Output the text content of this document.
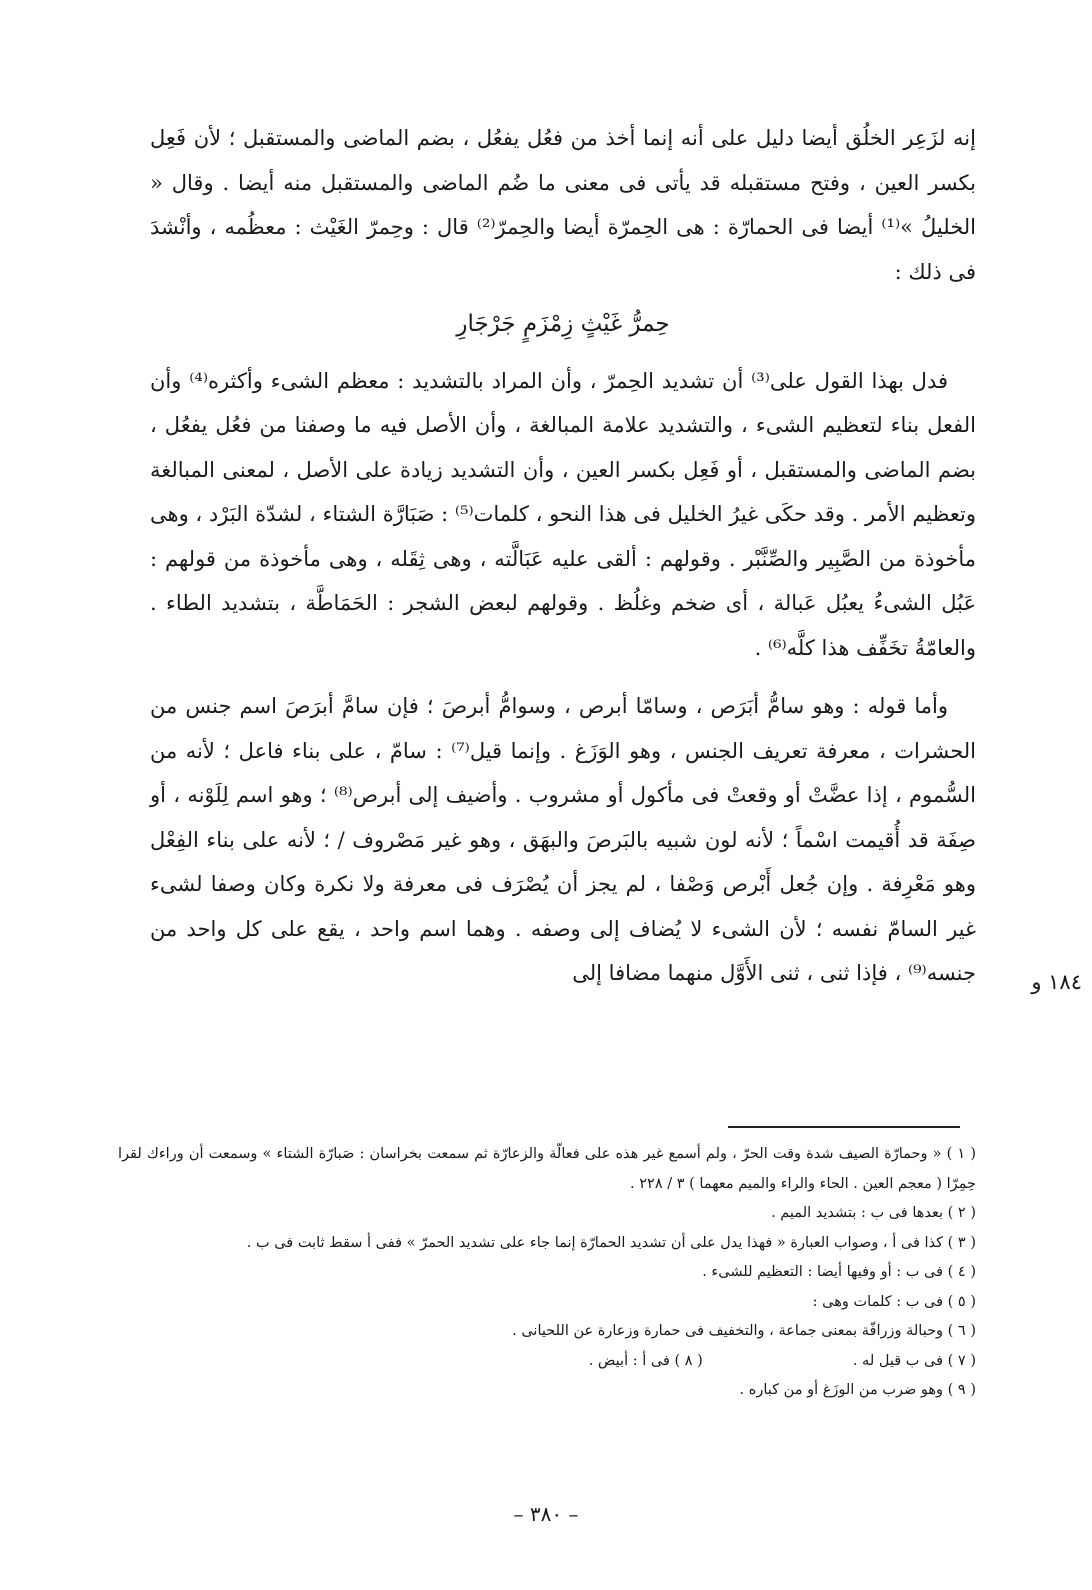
إنه لزَعِر الخلُق أيضا دليل على أنه إنما أخذ من فعُل يفعُل ، بضم الماضى والمستقبل ؛ لأن فَعِل بكسر العين ، وفتح مستقبله قد يأتى فى معنى ما ضُم الماضى والمستقبل منه أيضا . وقال « الخليلُ »⁽¹⁾ أيضا فى الحمارّة : هى الحِمرّة أيضا والحِمرّ⁽²⁾ قال : وحِمرّ الغَيْث : معظُمه ، وأنْشدَ فى ذلك :

حِمرُّ غَيْثٍ زِمْزَمٍ جَرْجَارِ

فدل بهذا القول على⁽³⁾ أن تشديد الحِمرّ ، وأن المراد بالتشديد : معظم الشىء وأكثره⁽⁴⁾ وأن الفعل بناء لتعظيم الشىء ، والتشديد علامة المبالغة ، وأن الأصل فيه ما وصفنا من فعُل يفعُل ، بضم الماضى والمستقبل ، أو فَعِل بكسر العين ، وأن التشديد زيادة على الأصل ، لمعنى المبالغة وتعظيم الأمر . وقد حكَى غيرُ الخليل فى هذا النحو ، كلمات⁽⁵⁾ : صَبَارَّة الشتاء ، لشدّة البَرْد ، وهى مأخوذة من الصَّبِير والصِّنَّبْر . وقولهم : ألقى عليه عَبَالَّته ، وهى ثِقَله ، وهى مأخوذة من قولهم : عَبُل الشىءُ يعبُل عَبالة ، أى ضخم وغلُظ . وقولهم لبعض الشجر : الحَمَاطَّة ، بتشديد الطاء . والعامّةُ تخَفِّف هذا كلَّه⁽⁶⁾ .

وأما قوله : وهو سامُّ أبَرَص ، وسامّا أبرص ، وسوامُّ أبرصَ ؛ فإن سامَّ أبرَصَ اسم جنس من الحشرات ، معرفة تعريف الجنس ، وهو الوَزَغ . وإنما قيل⁽⁷⁾ : سامّ ، على بناء فاعل ؛ لأنه من السُّموم ، إذا عضَّتْ أو وقعتْ فى مأكول أو مشروب . وأضيف إلى أبرص⁽⁸⁾ ؛ وهو اسم لِلَوْنه ، أو صِفَة قد أُقيمت اسْماً ؛ لأنه لون شبيه بالبَرصَ والبهَق ، وهو غير مَصْروف / ؛ لأنه على بناء الفِعْل وهو مَعْرِفة . وإن جُعل أَبْرص وَصْفا ، لم يجز أن يُصْرَف فى معرفة ولا نكرة وكان وصفا لشىء غير السامّ نفسه ؛ لأن الشىء لا يُضاف إلى وصفه . وهما اسم واحد ، يقع على كل واحد من جنسه⁽⁹⁾ ، فإذا ثنى ، ثنى الأَوَّل منهما مضافا إلى	١٨٤ و

( ١ ) « وحمارّة الصيف شدة وقت الحرّ ، ولم أسمع غير هذه على فعالّة والزعارّة ثم سمعت بخراسان : صَبارّة الشتاء » وسمعت أن وراءك لقرا حِمِرّا ( معجم العين . الحاء والراء والميم معهما ) ٣ / ٢٢٨ .

( ٢ ) بعدها فى ب : بتشديد الميم .

( ٣ ) كذا فى أ ، وصواب العبارة « فهذا يدل على أن تشديد الحمارّة إنما جاء على تشديد الحمرّ » ففى أ سقط ثابت فى ب .

( ٤ ) فى ب : أو وفيها أيضا : التعظيم للشىء .

( ٥ ) فى ب : كلمات وهى :

( ٦ ) وحبالة وزرافّة بمعنى جماعة ، والتخفيف فى حمارة وزعارة عن اللحيانى .

( ٧ ) فى ب قيل له .
( ٨ ) فى أ : أبيض .

( ٩ ) وهو ضرب من الوزَغ أو من كباره .

– ٣٨٠ –
